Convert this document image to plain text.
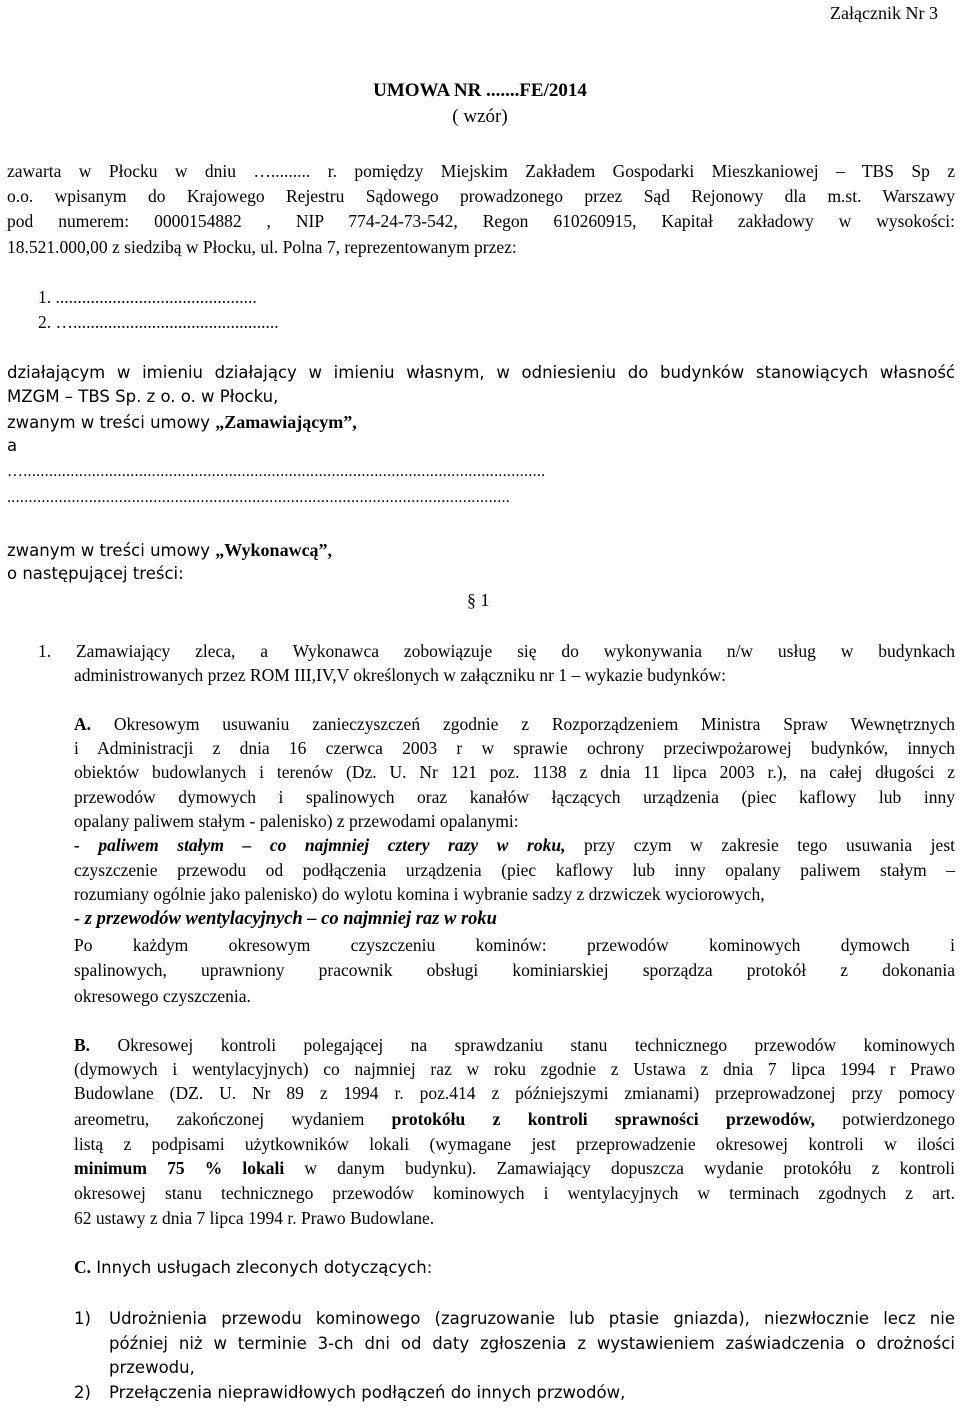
Załącznik Nr 3
UMOWA NR .......FE/2014
( wzór)
zawarta w Płocku w dniu …......... r. pomiędzy Miejskim Zakładem Gospodarki Mieszkaniowej – TBS Sp z
o.o. wpisanym do Krajowego Rejestru Sądowego prowadzonego przez Sąd Rejonowy dla m.st. Warszawy
pod numerem: 0000154882 , NIP 774-24-73-542, Regon 610260915, Kapitał zakładowy w wysokości:
18.521.000,00 z siedzibą w Płocku, ul. Polna 7, reprezentowanym przez:
1. ..............................................
2. …...............................................
działającym w imieniu działający w imieniu własnym, w odniesieniu do budynków stanowiących własność
MZGM – TBS Sp. z o. o. w Płocku,
zwanym w treści umowy „Zamawiającym”,
a
…..........................................................................................................................
.....................................................................................................................
zwanym w treści umowy „Wykonawcą”,
o następującej treści:
§ 1
1. Zamawiający zleca, a Wykonawca zobowiązuje się do wykonywania n/w usług w budynkach
administrowanych przez ROM III,IV,V określonych w załączniku nr 1 – wykazie budynków:
A. Okresowym usuwaniu zanieczyszczeń zgodnie z Rozporządzeniem Ministra Spraw Wewnętrznych
i Administracji z dnia 16 czerwca 2003 r w sprawie ochrony przeciwpożarowej budynków, innych
obiektów budowlanych i terenów (Dz. U. Nr 121 poz. 1138 z dnia 11 lipca 2003 r.), na całej długości z
przewodów dymowych i spalinowych oraz kanałów łączących urządzenia (piec kaflowy lub inny
opalany paliwem stałym - palenisko) z przewodami opalanymi:
- paliwem stałym – co najmniej cztery razy w roku, przy czym w zakresie tego usuwania jest
czyszczenie przewodu od podłączenia urządzenia (piec kaflowy lub inny opalany paliwem stałym –
rozumiany ogólnie jako palenisko) do wylotu komina i wybranie sadzy z drzwiczek wyciorowych,
- z przewodów wentylacyjnych – co najmniej raz w roku
Po każdym okresowym czyszczeniu kominów: przewodów kominowych dymowch i
spalinowych, uprawniony pracownik obsługi kominiarskiej sporządza protokół z dokonania
okresowego czyszczenia.
B. Okresowej kontroli polegającej na sprawdzaniu stanu technicznego przewodów kominowych
(dymowych i wentylacyjnych) co najmniej raz w roku zgodnie z Ustawa z dnia 7 lipca 1994 r Prawo
Budowlane (DZ. U. Nr 89 z 1994 r. poz.414 z późniejszymi zmianami) przeprowadzonej przy pomocy
areometru, zakończonej wydaniem protokółu z kontroli sprawności przewodów, potwierdzonego
listą z podpisami użytkowników lokali (wymagane jest przeprowadzenie okresowej kontroli w ilości
minimum 75 % lokali w danym budynku). Zamawiający dopuszcza wydanie protokółu z kontroli
okresowej stanu technicznego przewodów kominowych i wentylacyjnych w terminach zgodnych z art.
62 ustawy z dnia 7 lipca 1994 r. Prawo Budowlane.
C. Innych usługach zleconych dotyczących:
1) Udrożnienia przewodu kominowego (zagruzowanie lub ptasie gniazda), niezwłocznie lecz nie
później niż w terminie 3-ch dni od daty zgłoszenia z wystawieniem zaświadczenia o drożności
przewodu,
2) Przełączenia nieprawidłowych podłączeń do innych przwodów,
